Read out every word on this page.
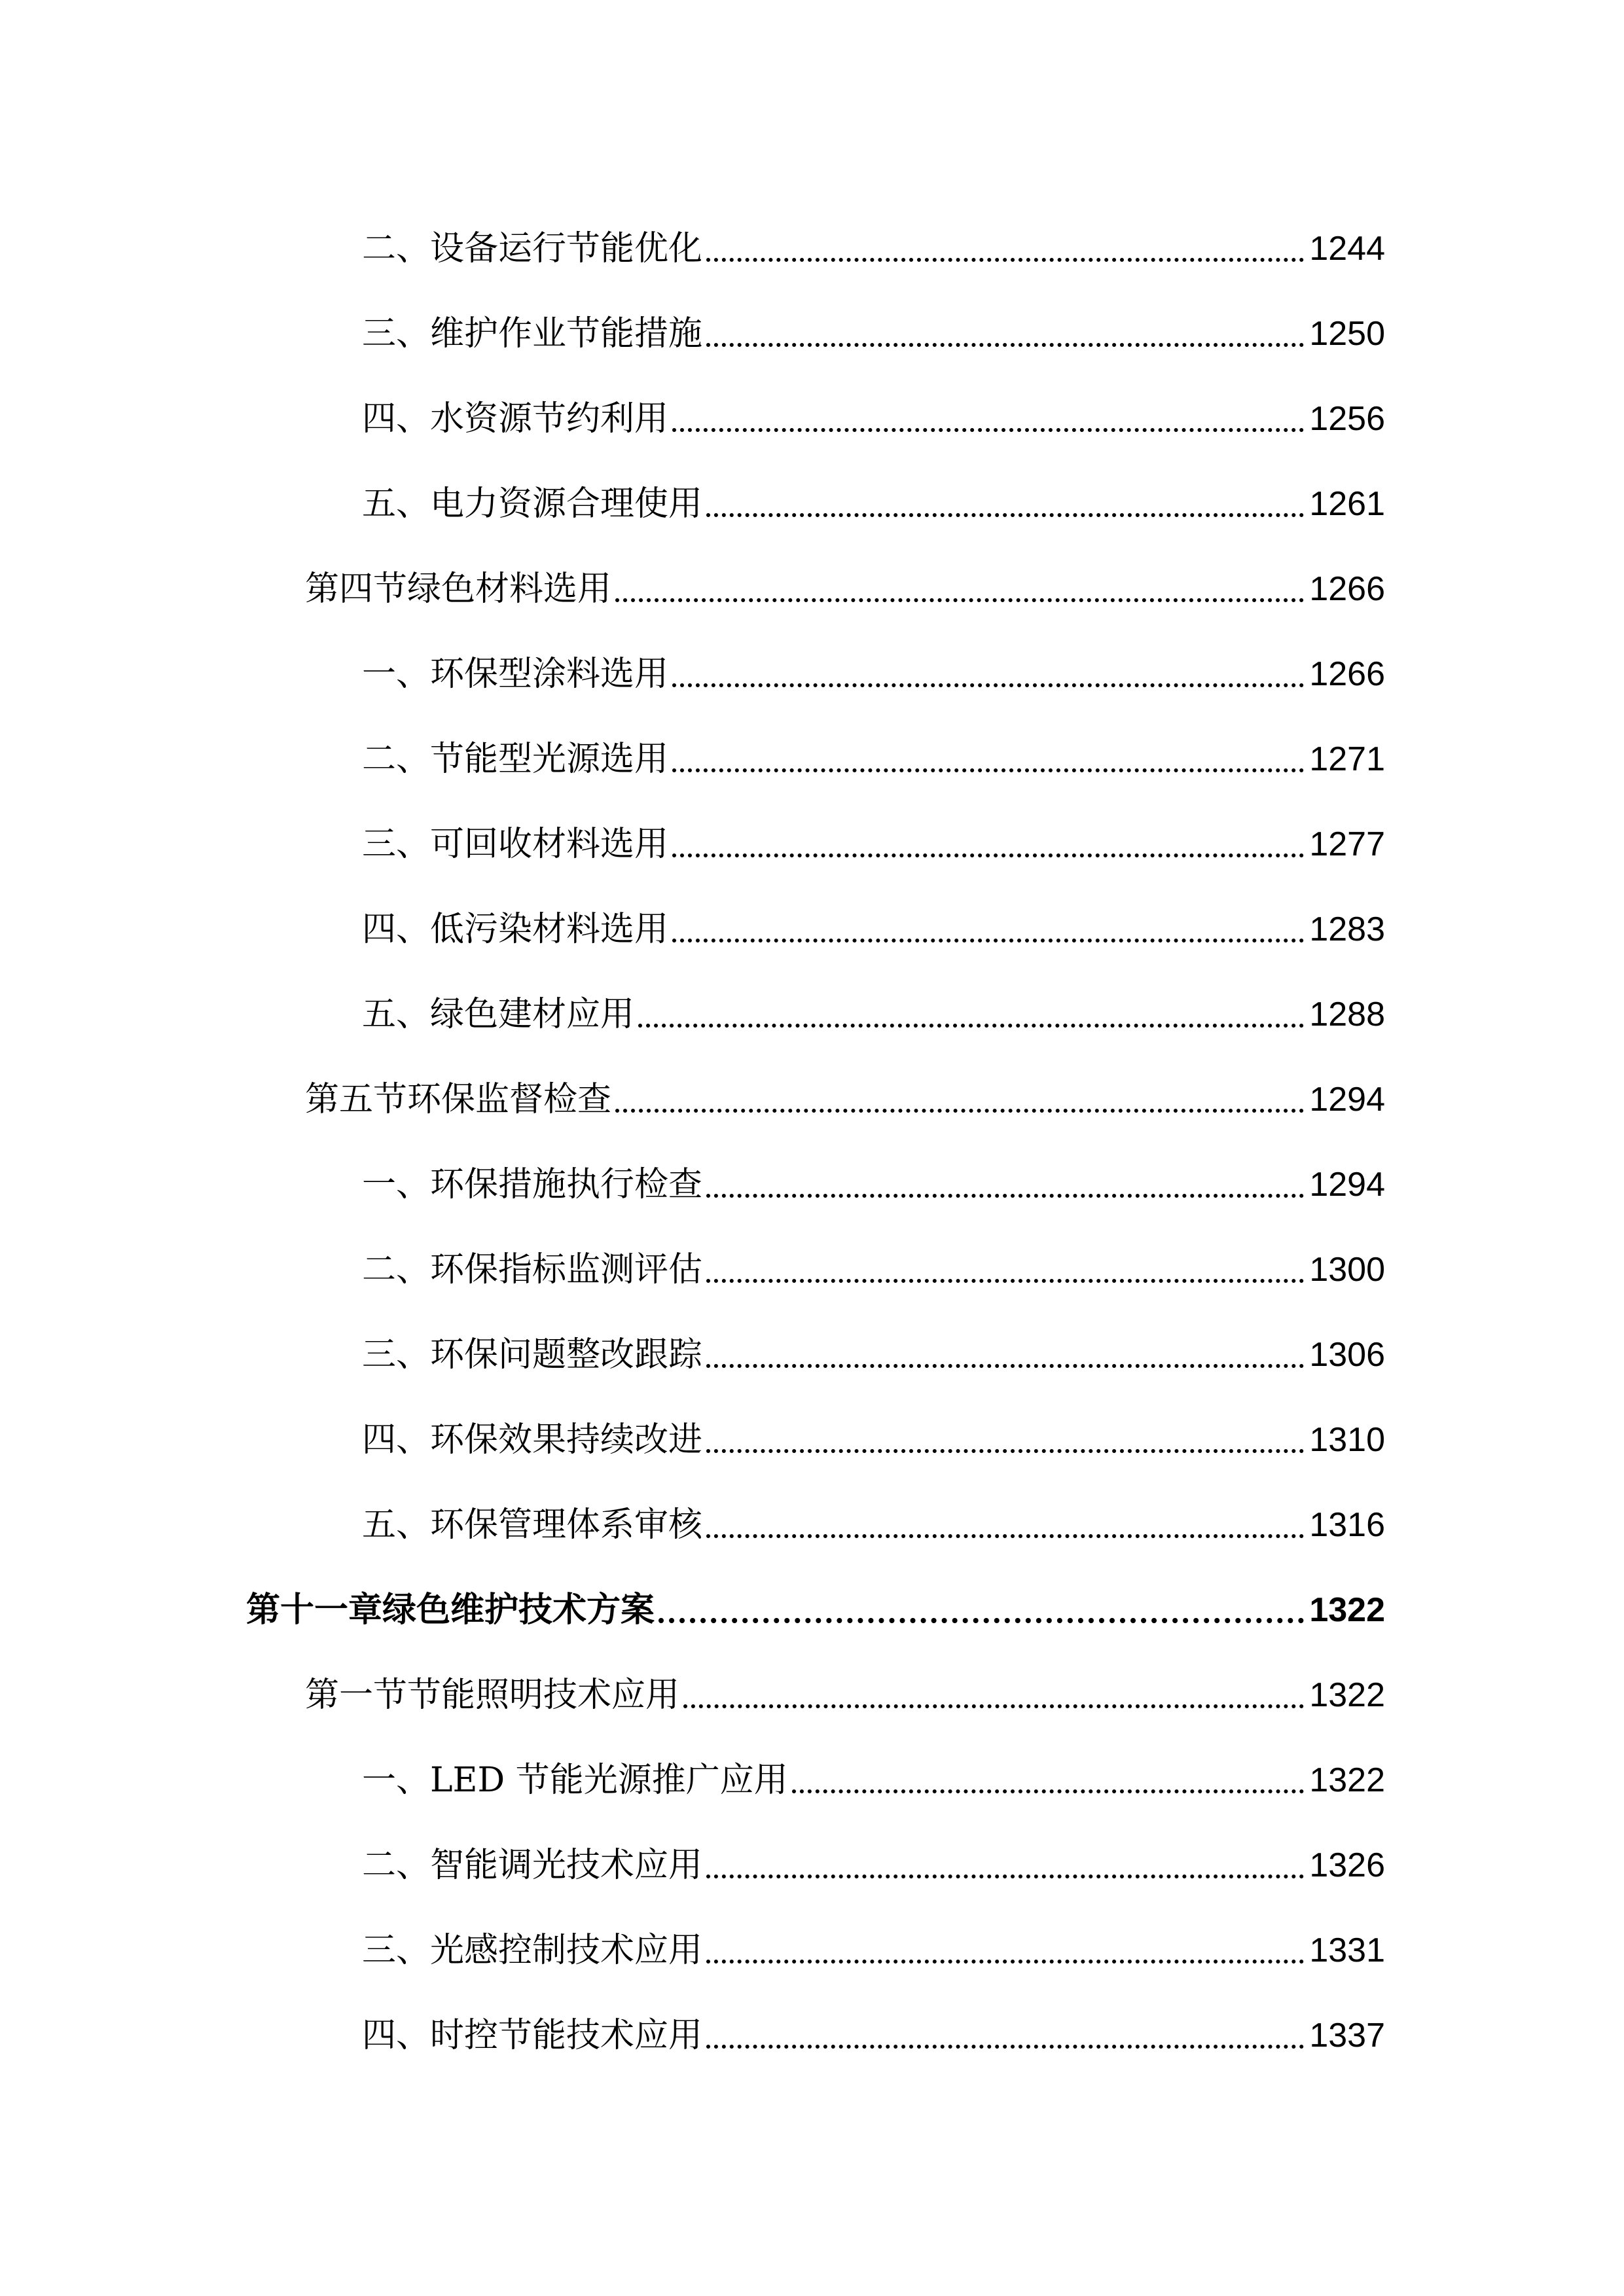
二、设备运行节能优化	1244
三、维护作业节能措施	1250
四、水资源节约利用	1256
五、电力资源合理使用	1261
第四节绿色材料选用	1266
一、环保型涂料选用	1266
二、节能型光源选用	1271
三、可回收材料选用	1277
四、低污染材料选用	1283
五、绿色建材应用	1288
第五节环保监督检查	1294
一、环保措施执行检查	1294
二、环保指标监测评估	1300
三、环保问题整改跟踪	1306
四、环保效果持续改进	1310
五、环保管理体系审核	1316
第十一章绿色维护技术方案	1322
第一节节能照明技术应用	1322
一、LED 节能光源推广应用	1322
二、智能调光技术应用	1326
三、光感控制技术应用	1331
四、时控节能技术应用	1337
